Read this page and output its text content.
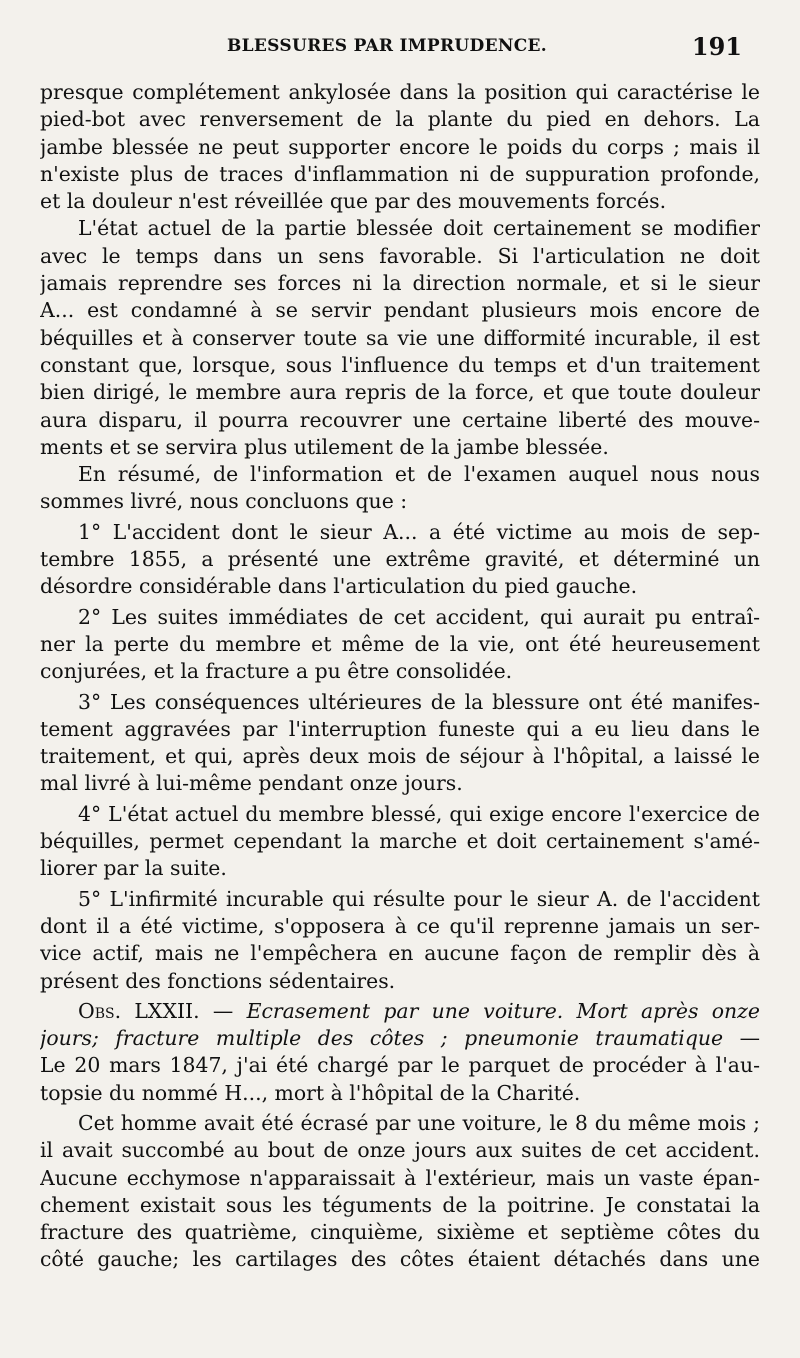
BLESSURES PAR IMPRUDENCE.	191
presque complétement ankylosée dans la position qui caractérise le
pied-bot avec renversement de la plante du pied en dehors. La
jambe blessée ne peut supporter encore le poids du corps ; mais il
n'existe plus de traces d'inflammation ni de suppuration profonde,
et la douleur n'est réveillée que par des mouvements forcés.
L'état actuel de la partie blessée doit certainement se modifier
avec le temps dans un sens favorable. Si l'articulation ne doit
jamais reprendre ses forces ni la direction normale, et si le sieur
A... est condamné à se servir pendant plusieurs mois encore de
béquilles et à conserver toute sa vie une difformité incurable, il est
constant que, lorsque, sous l'influence du temps et d'un traitement
bien dirigé, le membre aura repris de la force, et que toute douleur
aura disparu, il pourra recouvrer une certaine liberté des mouve-
ments et se servira plus utilement de la jambe blessée.
En résumé, de l'information et de l'examen auquel nous nous
sommes livré, nous concluons que :
1° L'accident dont le sieur A... a été victime au mois de sep-
tembre 1855, a présenté une extrême gravité, et déterminé un
désordre considérable dans l'articulation du pied gauche.
2° Les suites immédiates de cet accident, qui aurait pu entraî-
ner la perte du membre et même de la vie, ont été heureusement
conjurées, et la fracture a pu être consolidée.
3° Les conséquences ultérieures de la blessure ont été manifes-
tement aggravées par l'interruption funeste qui a eu lieu dans le
traitement, et qui, après deux mois de séjour à l'hôpital, a laissé le
mal livré à lui-même pendant onze jours.
4° L'état actuel du membre blessé, qui exige encore l'exercice de
béquilles, permet cependant la marche et doit certainement s'amé-
liorer par la suite.
5° L'infirmité incurable qui résulte pour le sieur A. de l'accident
dont il a été victime, s'opposera à ce qu'il reprenne jamais un ser-
vice actif, mais ne l'empêchera en aucune façon de remplir dès à
présent des fonctions sédentaires.
Obs. LXXII. — Ecrasement par une voiture. Mort après onze
jours; fracture multiple des côtes ; pneumonie traumatique —
Le 20 mars 1847, j'ai été chargé par le parquet de procéder à l'au-
topsie du nommé H..., mort à l'hôpital de la Charité.
Cet homme avait été écrasé par une voiture, le 8 du même mois ;
il avait succombé au bout de onze jours aux suites de cet accident.
Aucune ecchymose n'apparaissait à l'extérieur, mais un vaste épan-
chement existait sous les téguments de la poitrine. Je constatai la
fracture des quatrième, cinquième, sixième et septième côtes du
côté gauche; les cartilages des côtes étaient détachés dans une
